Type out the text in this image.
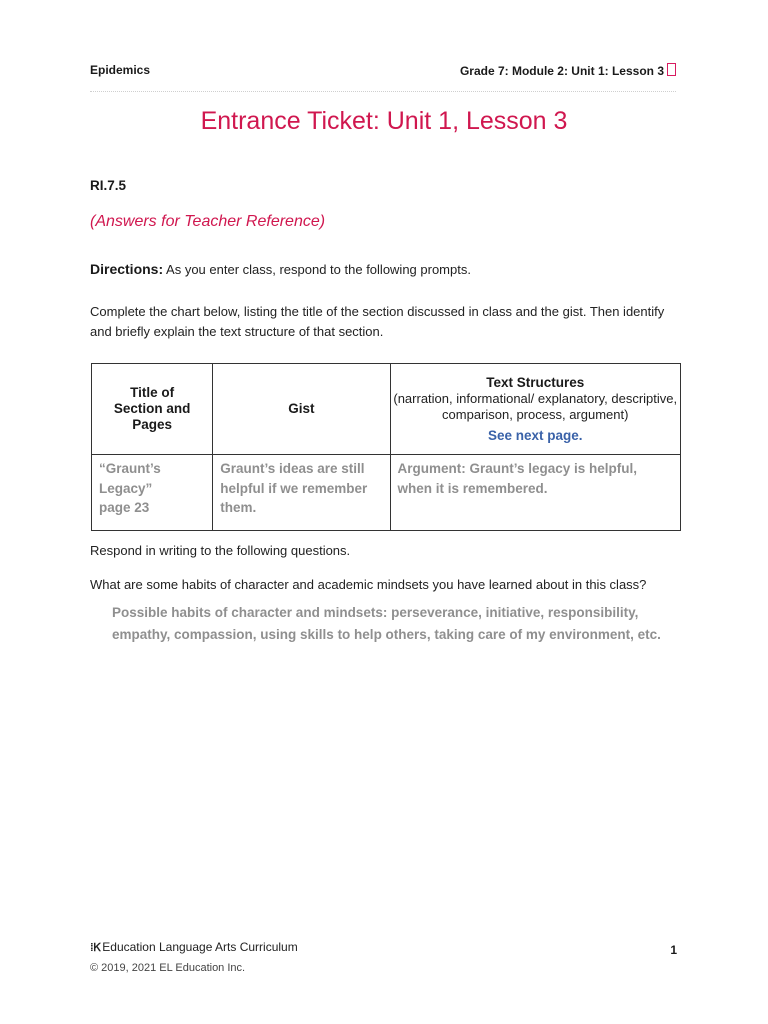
Epidemics	Grade 7: Module 2: Unit 1: Lesson 3
Entrance Ticket: Unit 1, Lesson 3
RI.7.5
(Answers for Teacher Reference)
Directions: As you enter class, respond to the following prompts.
Complete the chart below, listing the title of the section discussed in class and the gist. Then identify and briefly explain the text structure of that section.
Title of Section and Pages	Gist	Text Structures
(narration, informational/ explanatory, descriptive, comparison, process, argument)
See next page.

“Graunt’s Legacy”
page 23	Graunt’s ideas are still helpful if we remember them.	Argument: Graunt’s legacy is helpful, when it is remembered.
Respond in writing to the following questions.
What are some habits of character and academic mindsets you have learned about in this class?
Possible habits of character and mindsets: perseverance, initiative, responsibility, empathy, compassion, using skills to help others, taking care of my environment, etc.
⁞ᏦEducation Language Arts Curriculum
© 2019, 2021 EL Education Inc.
1
